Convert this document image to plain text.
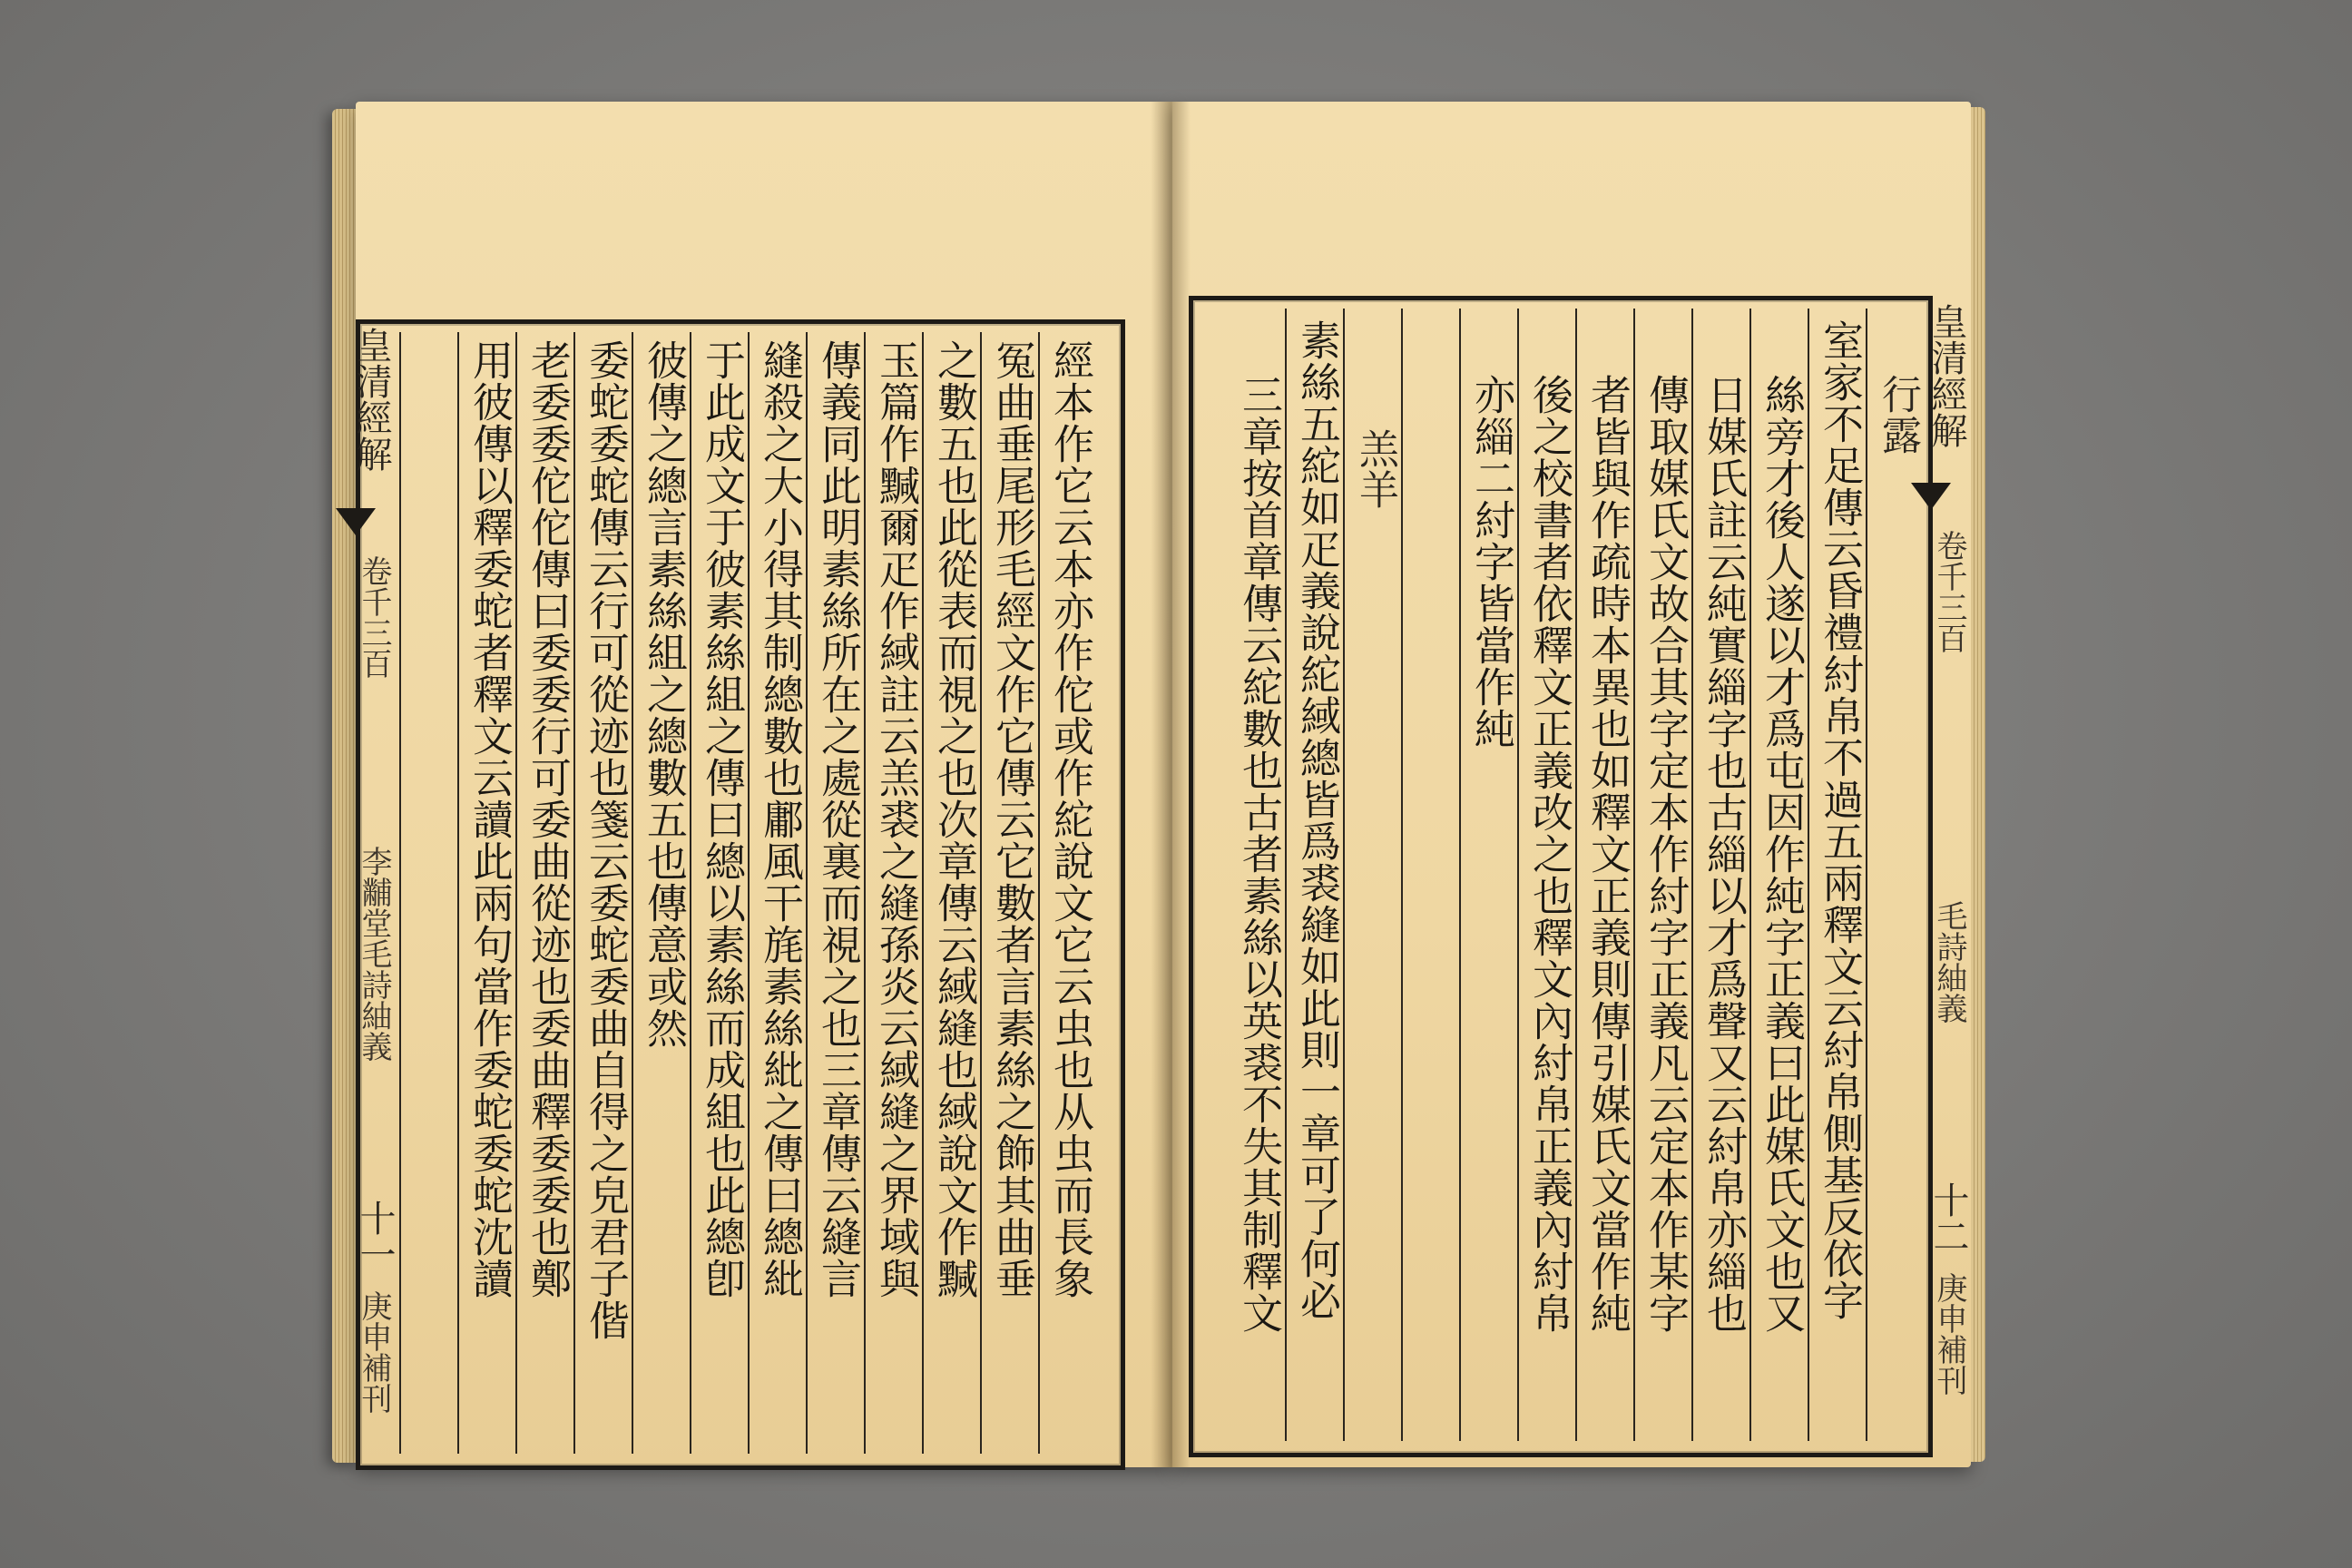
經本作它云本亦作佗或作紽說文它云虫也从虫而長象
冤曲垂尾形毛經文作它傳云它數者言素絲之飾其曲垂
之數五也此從表而視之也次章傳云緎縫也緎說文作黬
玉篇作黬爾疋作緎註云羔裘之縫孫炎云緎縫之界域與
傳義同此明素絲所在之處從裏而視之也三章傳云縫言
縫殺之大小得其制總數也鄘風干旄素絲紕之傳曰總紕
于此成文于彼素絲組之傳曰總以素絲而成組也此總卽
彼傳之總言素絲組之總數五也傳意或然
委蛇委蛇傳云行可從迹也箋云委蛇委曲自得之皃君子偕
老委委佗佗傳曰委委行可委曲從迹也委曲釋委委也鄭
用彼傳以釋委蛇者釋文云讀此兩句當作委蛇委蛇沈讀
皇清經解
卷千三百
李黼堂毛詩紬義
十一
庚申補刊
行露
室家不足傳云昏禮紂帛不過五兩釋文云紂帛側基反依字
絲旁才後人遂以才爲屯因作純字正義曰此媒氏文也又
日媒氏註云純實緇字也古緇以才爲聲又云紂帛亦緇也
傳取媒氏文故合其字定本作紂字正義凡云定本作某字
者皆與作疏時本異也如釋文正義則傳引媒氏文當作純
後之校書者依釋文正義改之也釋文內紂帛正義內紂帛
亦緇二紂字皆當作純
羔羊
素絲五紽如疋義說紽緎總皆爲裘縫如此則一章可了何必
三章按首章傳云紽數也古者素絲以英裘不失其制釋文	皇清經解
卷千三百
毛詩紬義
十二
庚申補刊
